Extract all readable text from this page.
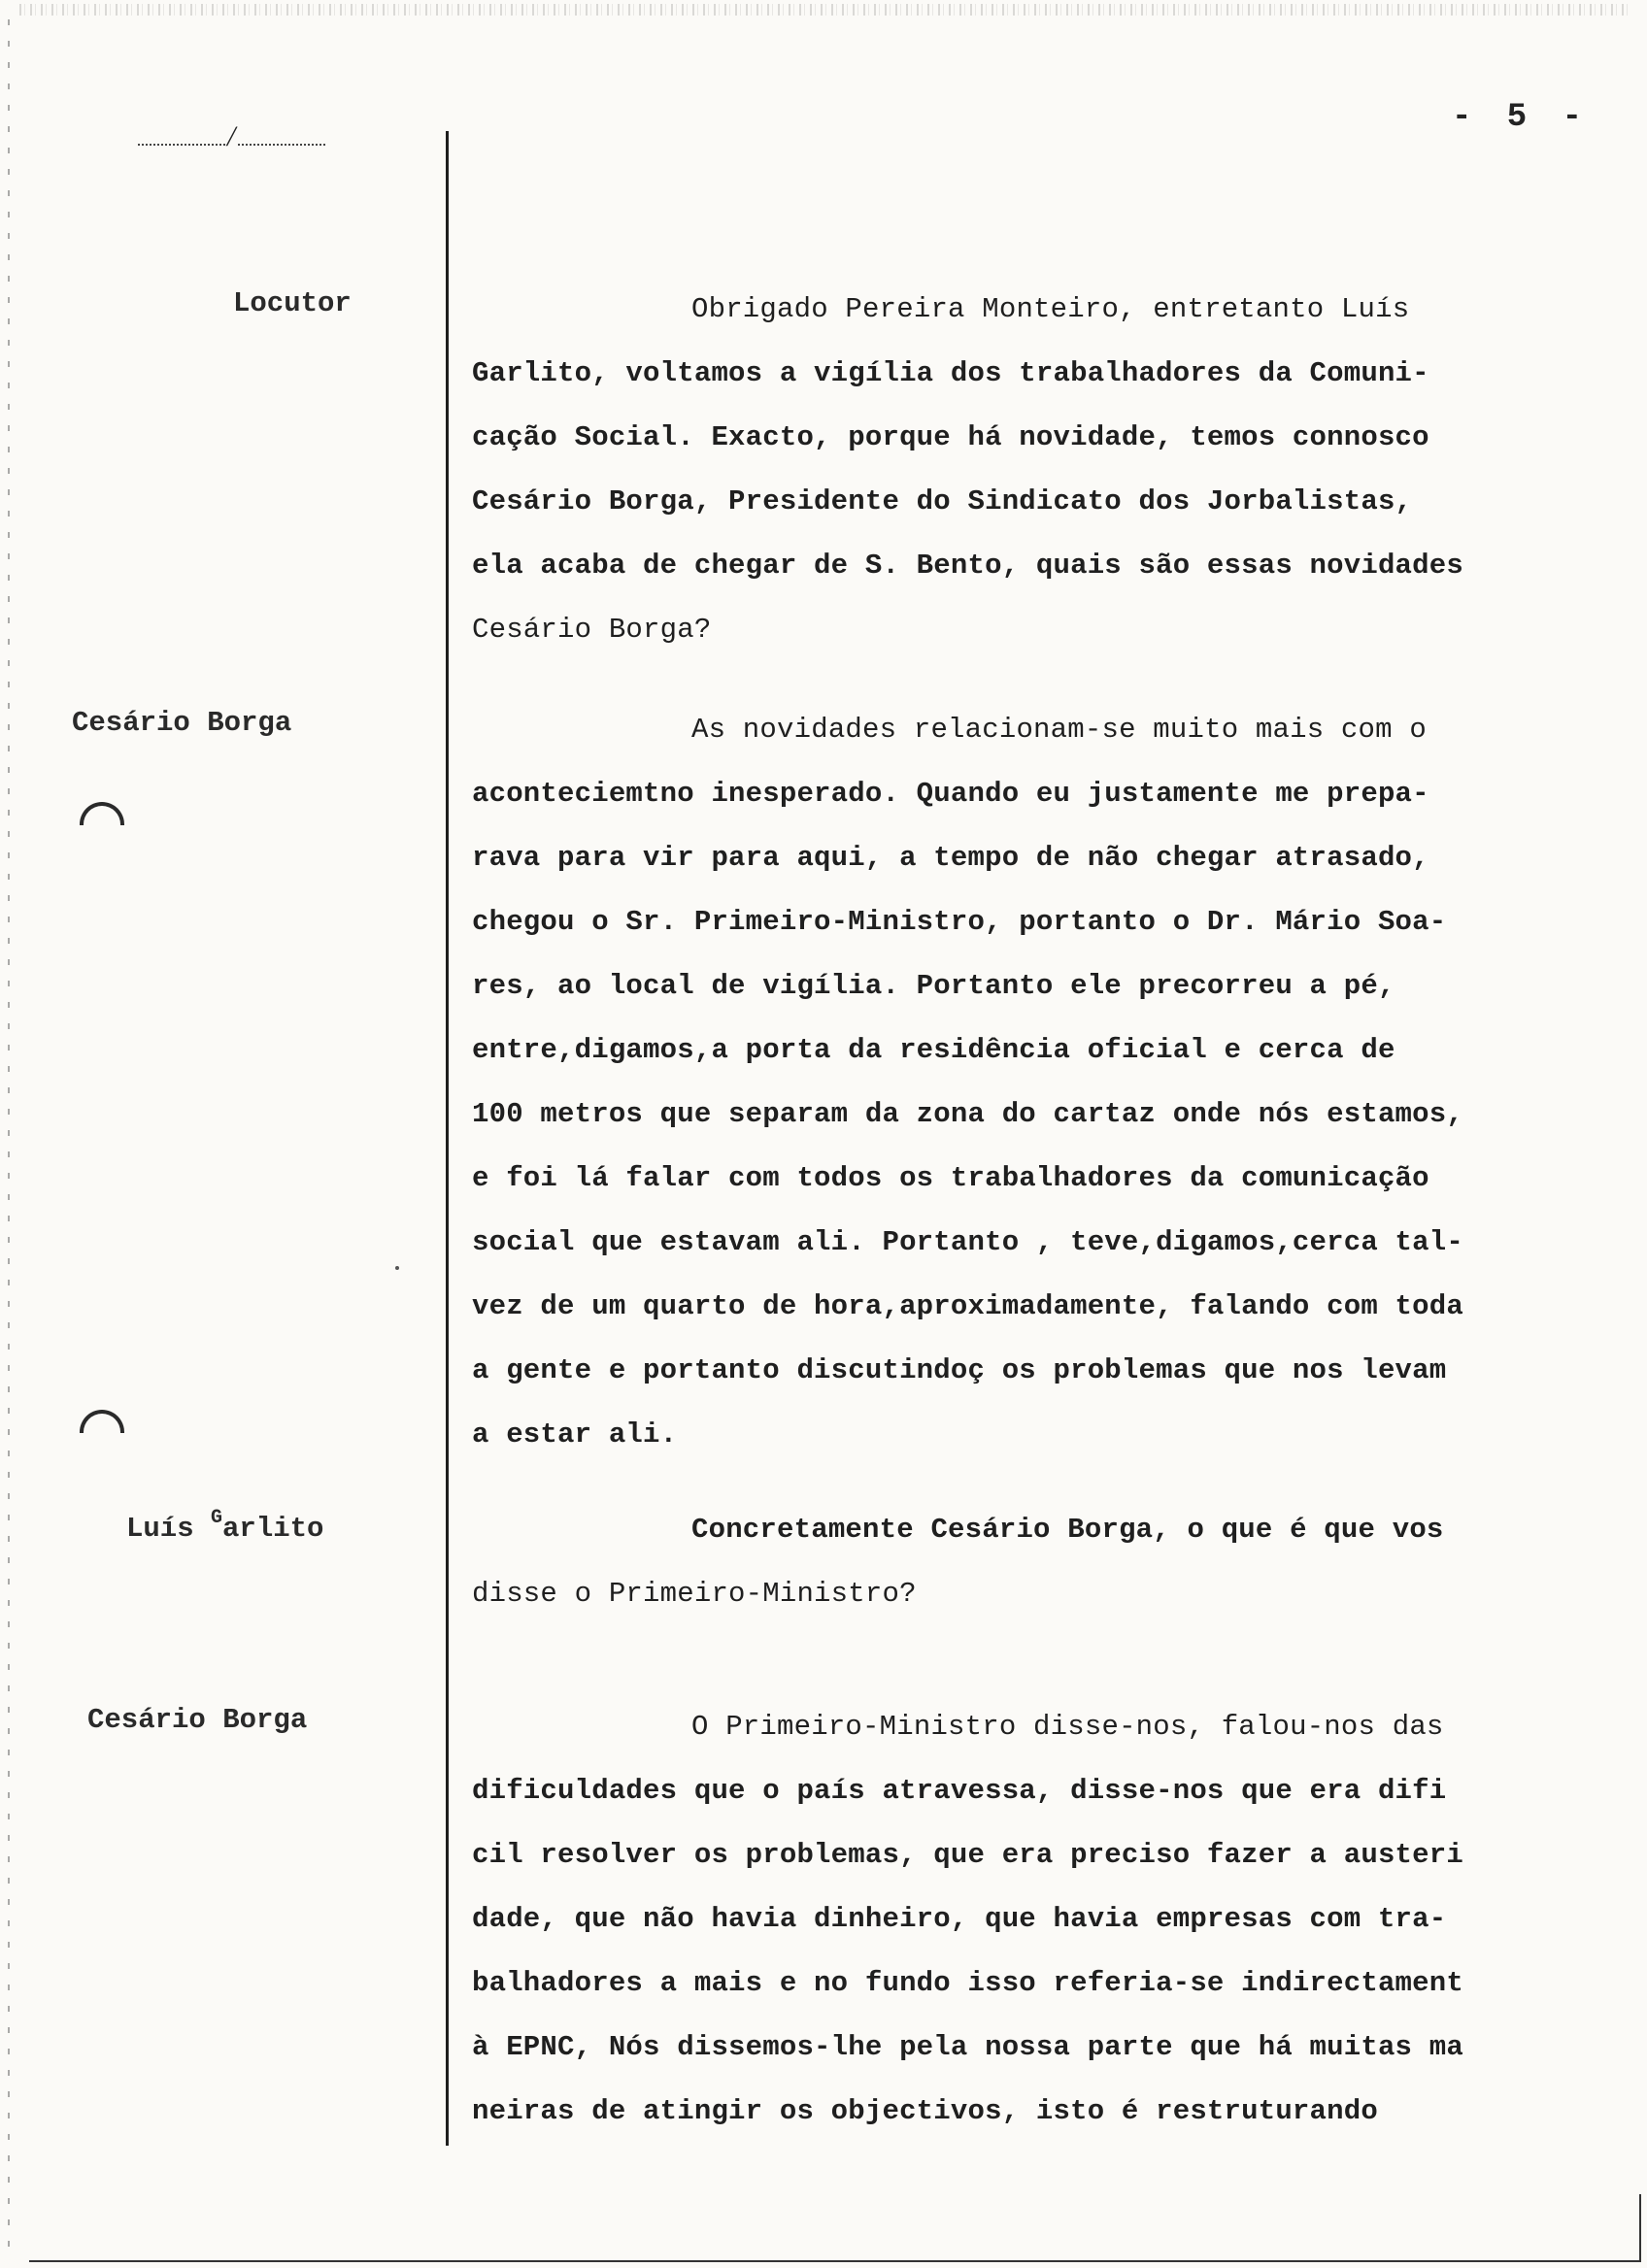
/
- 5 -
Locutor
Cesário Borga
Luís $^G$arlito
Cesário Borga
Obrigado Pereira Monteiro, entretanto Luís
Garlito, voltamos a vigília dos trabalhadores da Comuni-
cação Social. Exacto, porque há novidade, temos connosco
Cesário Borga, Presidente do Sindicato dos Jorbalistas,
ela acaba de chegar de S. Bento, quais são essas novidades
Cesário Borga?
As novidades relacionam-se muito mais com o
aconteciemtno inesperado. Quando eu justamente me prepa-
rava para vir para aqui, a tempo de não chegar atrasado,
chegou o Sr. Primeiro-Ministro, portanto o Dr. Mário Soa-
res, ao local de vigília. Portanto ele precorreu a pé,
entre,digamos,a porta da residência oficial e cerca de
100 metros que separam da zona do cartaz onde nós estamos,
e foi lá falar com todos os trabalhadores da comunicação
social que estavam ali. Portanto , teve,digamos,cerca tal-
vez de um quarto de hora,aproximadamente, falando com toda
a gente e portanto discutindoç os problemas que nos levam
a estar ali.
Concretamente Cesário Borga, o que é que vos
disse o Primeiro-Ministro?
O Primeiro-Ministro disse-nos, falou-nos das
dificuldades que o país atravessa, disse-nos que era difi
cil resolver os problemas, que era preciso fazer a austeri
dade, que não havia dinheiro, que havia empresas com tra-
balhadores a mais e no fundo isso referia-se indirectament
à EPNC, Nós dissemos-lhe pela nossa parte que há muitas ma
neiras de atingir os objectivos, isto é restruturando
